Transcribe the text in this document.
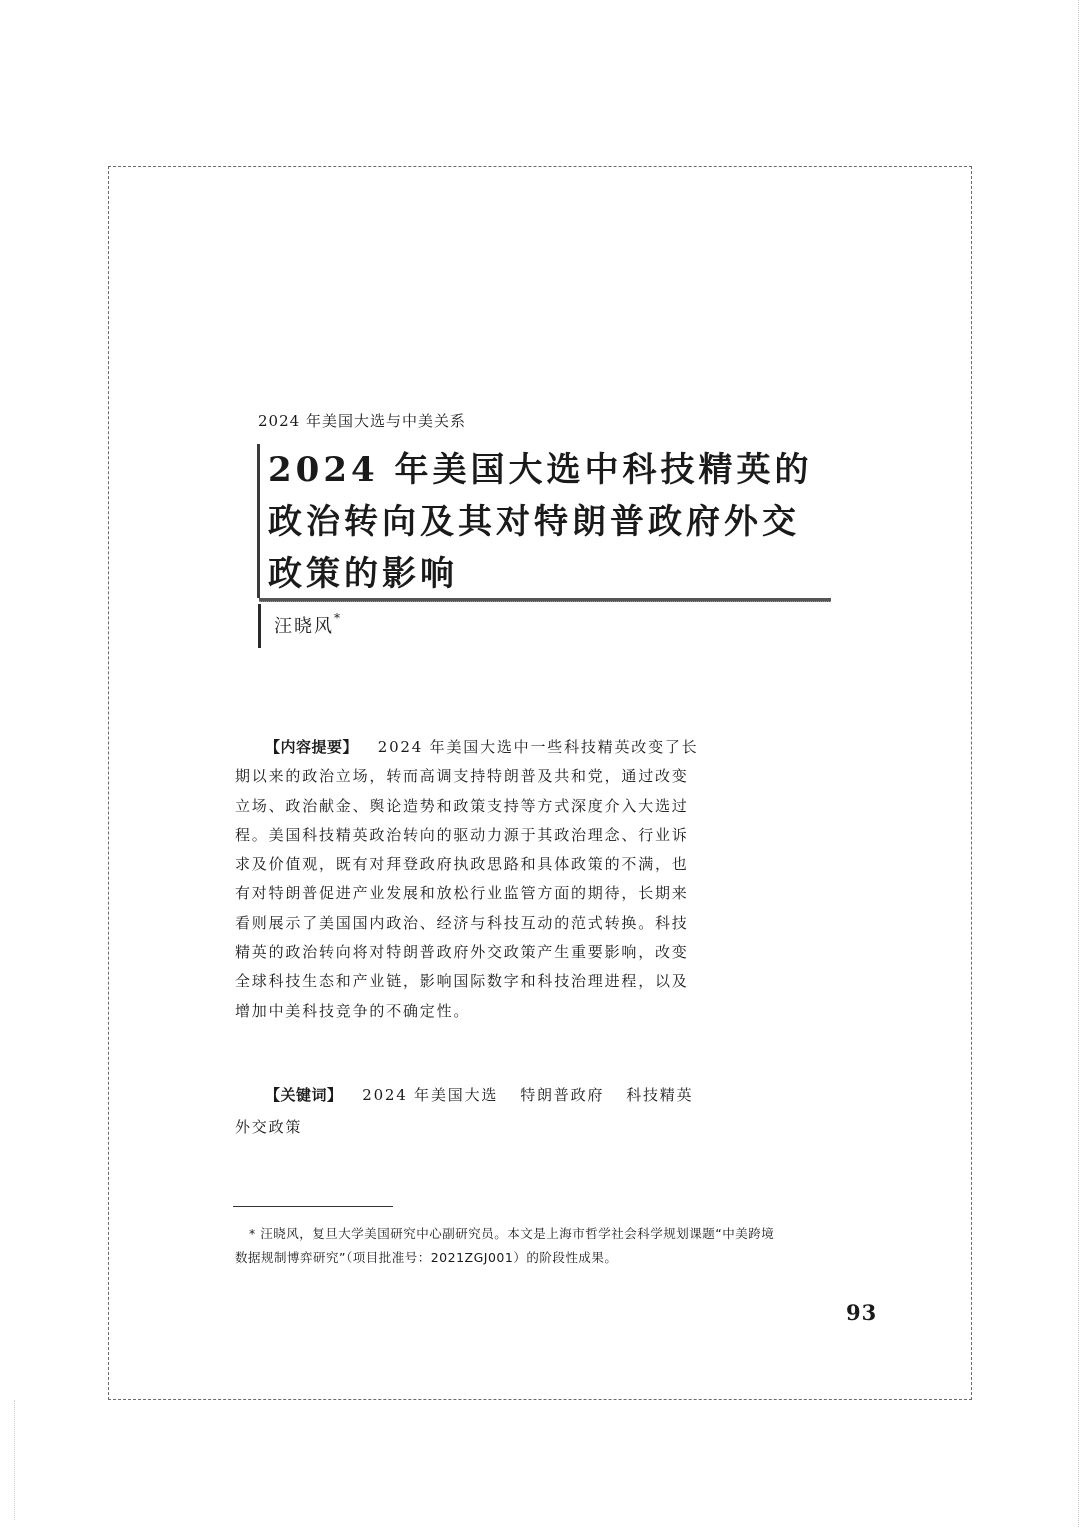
2024 年美国大选与中美关系
2024 年美国大选中科技精英的
政治转向及其对特朗普政府外交
政策的影响
汪晓风*
【内容提要】 2024 年美国大选中一些科技精英改变了长
期以来的政治立场，转而高调支持特朗普及共和党，通过改变
立场、政治献金、舆论造势和政策支持等方式深度介入大选过
程。美国科技精英政治转向的驱动力源于其政治理念、行业诉
求及价值观，既有对拜登政府执政思路和具体政策的不满，也
有对特朗普促进产业发展和放松行业监管方面的期待，长期来
看则展示了美国国内政治、经济与科技互动的范式转换。科技
精英的政治转向将对特朗普政府外交政策产生重要影响，改变
全球科技生态和产业链，影响国际数字和科技治理进程，以及
增加中美科技竞争的不确定性。
【关键词】 2024 年美国大选 特朗普政府 科技精英
外交政策
* 汪晓风，复旦大学美国研究中心副研究员。本文是上海市哲学社会科学规划课题“中美跨境
数据规制博弈研究”（项目批准号：2021ZGJ001）的阶段性成果。
93
